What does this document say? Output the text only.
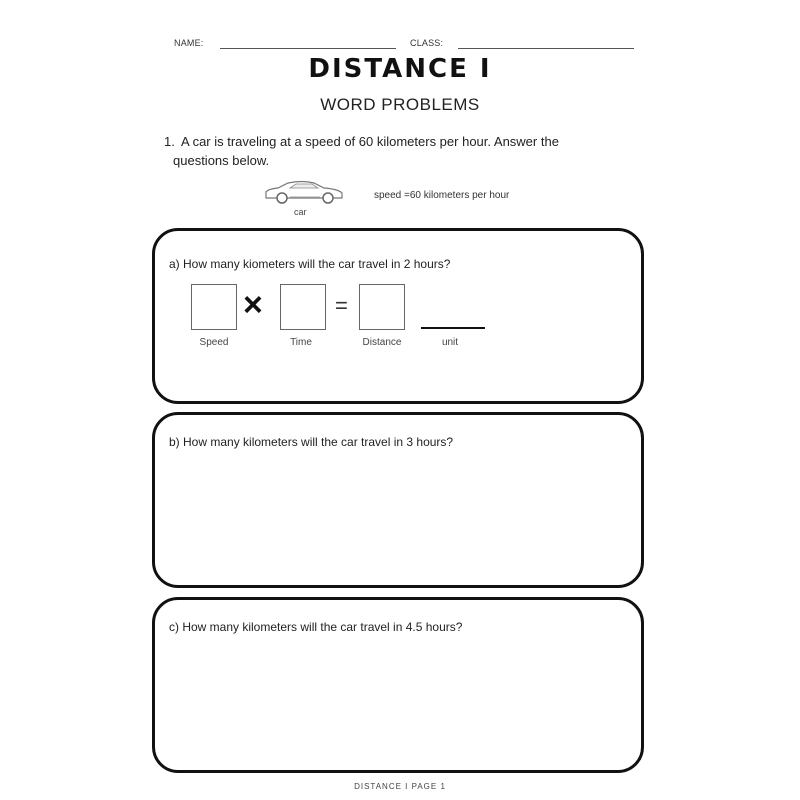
NAME:	CLASS:
DISTANCE I
WORD PROBLEMS
1. A car is traveling at a speed of 60 kilometers per hour. Answer the
questions below.
car
speed =60 kilometers per hour
a) How many kiometers will the car travel in 2 hours?
×	=
Speed	Time	Distance	unit
b) How many kilometers will the car travel in 3 hours?
c) How many kilometers will the car travel in 4.5 hours?
DISTANCE I PAGE 1
